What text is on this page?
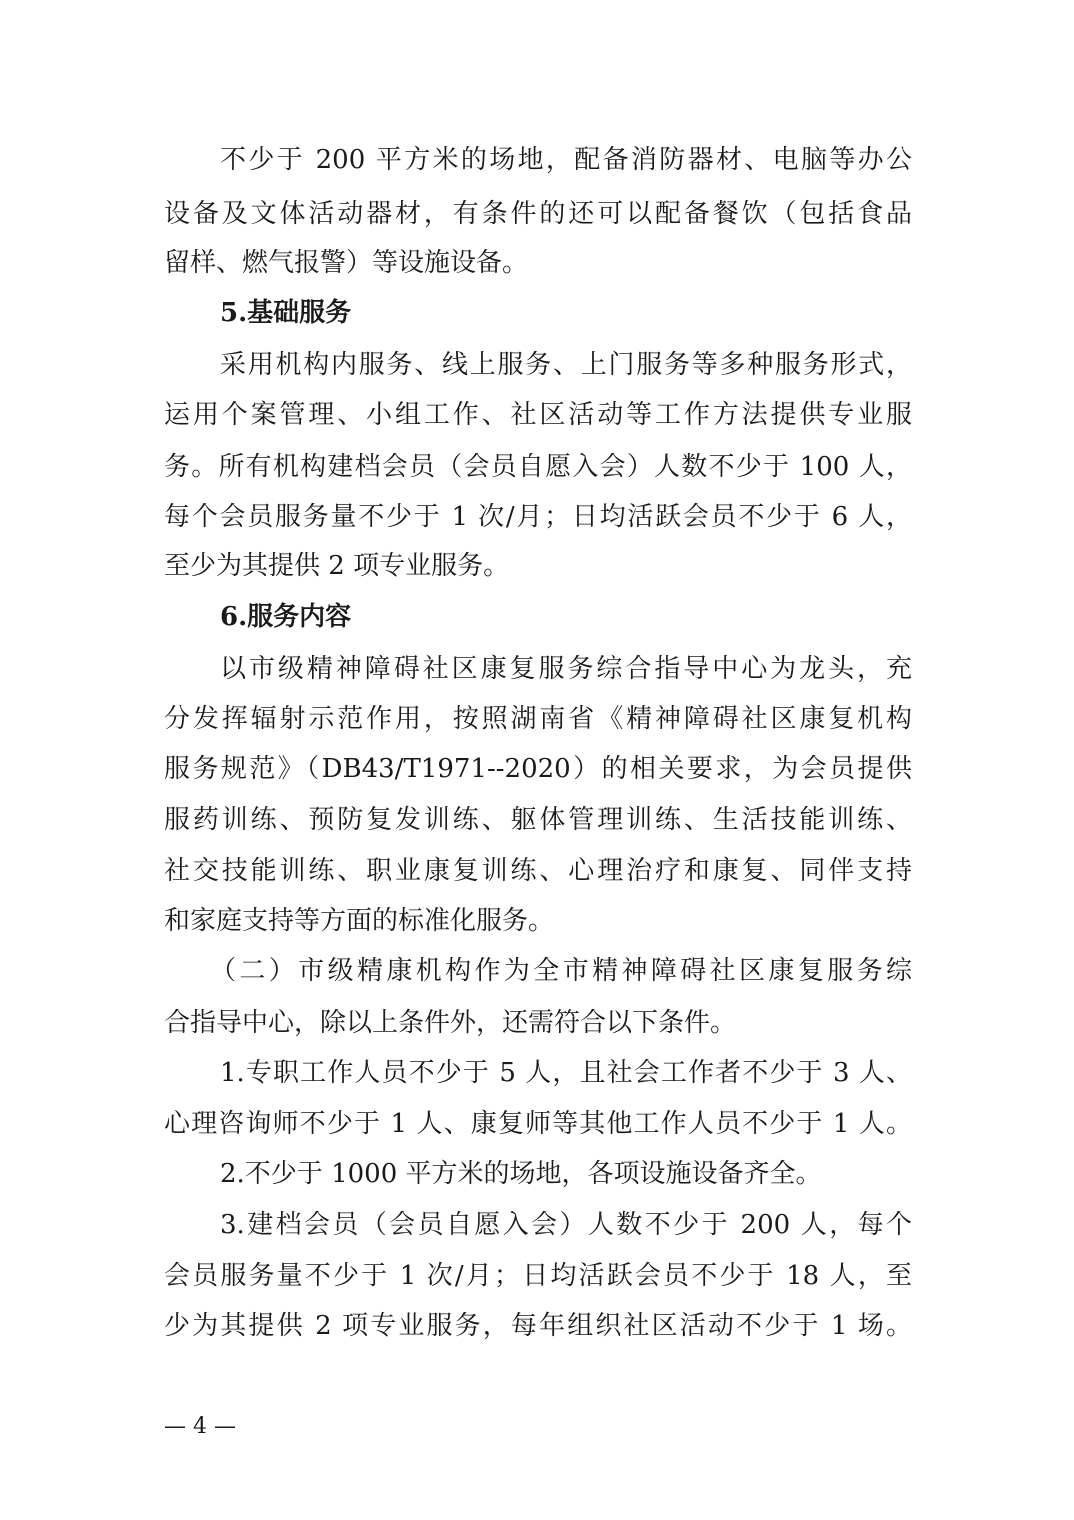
不少于 200 平方米的场地，配备消防器材、电脑等办公
设备及文体活动器材，有条件的还可以配备餐饮（包括食品
留样、燃气报警）等设施设备。
5.基础服务
采用机构内服务、线上服务、上门服务等多种服务形式，
运用个案管理、小组工作、社区活动等工作方法提供专业服
务。所有机构建档会员（会员自愿入会）人数不少于 100 人，
每个会员服务量不少于 1 次/月；日均活跃会员不少于 6 人，
至少为其提供 2 项专业服务。
6.服务内容
以市级精神障碍社区康复服务综合指导中心为龙头，充
分发挥辐射示范作用，按照湖南省《精神障碍社区康复机构
服务规范》（DB43/T1971--2020）的相关要求，为会员提供
服药训练、预防复发训练、躯体管理训练、生活技能训练、
社交技能训练、职业康复训练、心理治疗和康复、同伴支持
和家庭支持等方面的标准化服务。
（二）市级精康机构作为全市精神障碍社区康复服务综
合指导中心，除以上条件外，还需符合以下条件。
1.专职工作人员不少于 5 人，且社会工作者不少于 3 人、
心理咨询师不少于 1 人、康复师等其他工作人员不少于 1 人。
2.不少于 1000 平方米的场地，各项设施设备齐全。
3.建档会员（会员自愿入会）人数不少于 200 人，每个
会员服务量不少于 1 次/月；日均活跃会员不少于 18 人，至
少为其提供 2 项专业服务，每年组织社区活动不少于 1 场。
— 4 —
